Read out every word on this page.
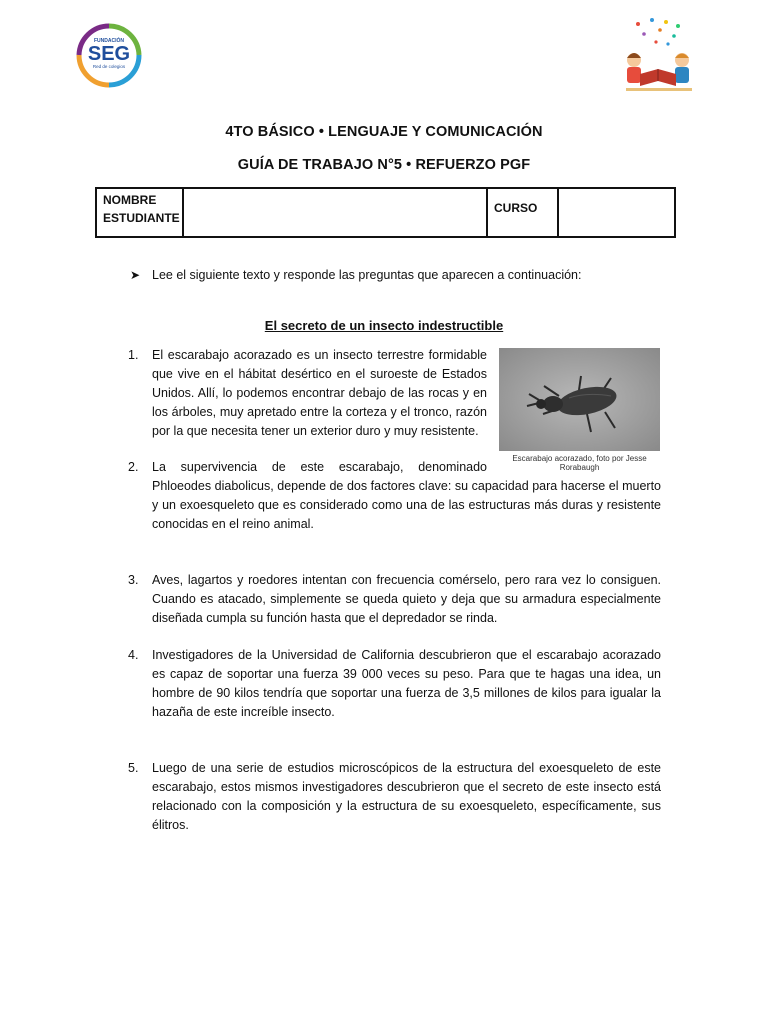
FUNDACIÓN
SEG
Red de colegios
4TO BÁSICO • LENGUAJE Y COMUNICACIÓN
GUÍA DE TRABAJO N°5 • REFUERZO PGF
NOMBRE
ESTUDIANTE
		CURSO	
➤ Lee el siguiente texto y responde las preguntas que aparecen a continuación:
El secreto de un insecto indestructible
1. El escarabajo acorazado es un insecto terrestre formidable que vive en el hábitat desértico en el suroeste de Estados Unidos. Allí, lo podemos encontrar debajo de las rocas y en los árboles, muy apretado entre la corteza y el tronco, razón por la que necesita tener un exterior duro y muy resistente.
Escarabajo acorazado, foto por Jesse Rorabaugh
2. La supervivencia de este escarabajo, denominado
Phloeodes diabolicus, depende de dos factores clave: su capacidad para hacerse el muerto y un exoesqueleto que es considerado como una de las estructuras más duras y resistente conocidas en el reino animal.
3. Aves, lagartos y roedores intentan con frecuencia comérselo, pero rara vez lo consiguen. Cuando es atacado, simplemente se queda quieto y deja que su armadura especialmente diseñada cumpla su función hasta que el depredador se rinda.
4. Investigadores de la Universidad de California descubrieron que el escarabajo acorazado es capaz de soportar una fuerza 39 000 veces su peso. Para que te hagas una idea, un hombre de 90 kilos tendría que soportar una fuerza de 3,5 millones de kilos para igualar la hazaña de este increíble insecto.
5. Luego de una serie de estudios microscópicos de la estructura del exoesqueleto de este escarabajo, estos mismos investigadores descubrieron que el secreto de este insecto está relacionado con la composición y la estructura de su exoesqueleto, específicamente, sus élitros.
